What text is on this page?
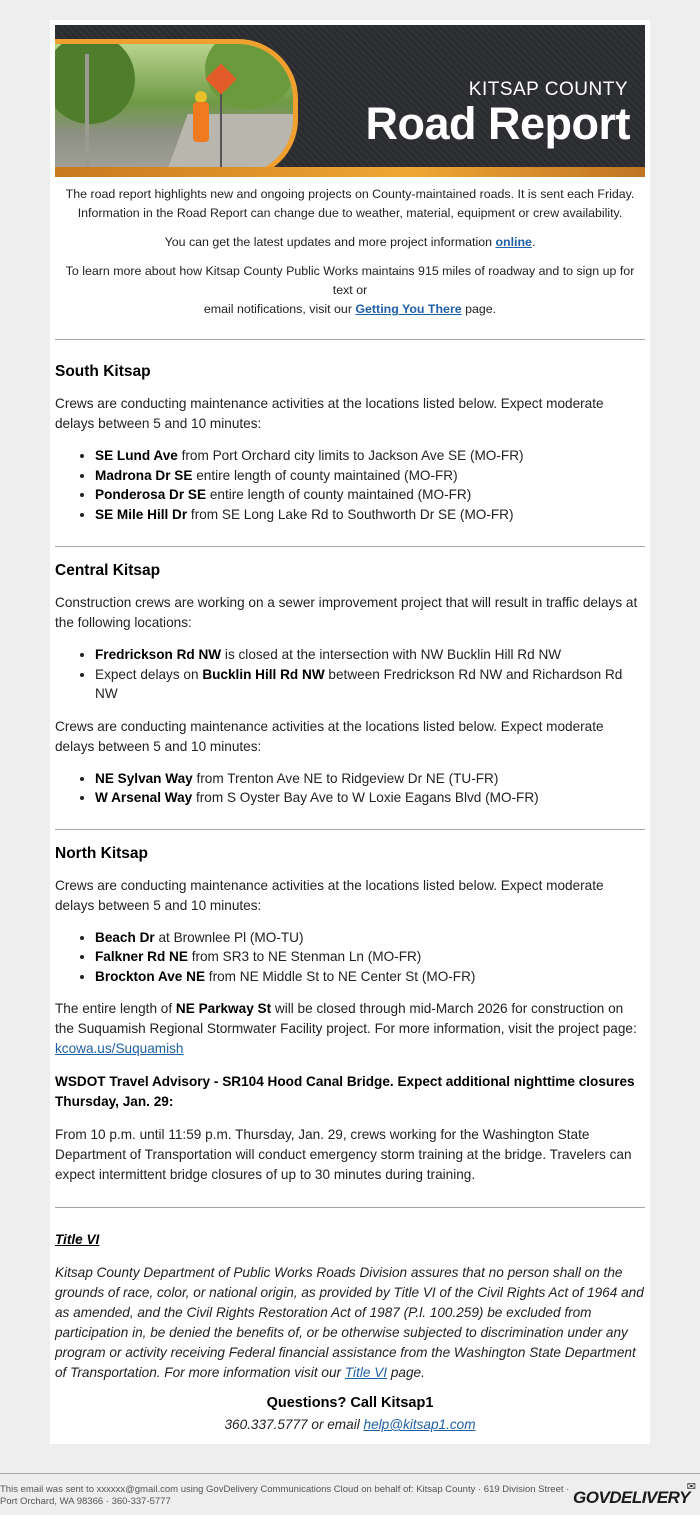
KITSAP COUNTY
Road Report

The road report highlights new and ongoing projects on County-maintained roads. It is sent each Friday.

Information in the Road Report can change due to weather, material, equipment or crew availability.

You can get the latest updates and more project information online.

To learn more about how Kitsap County Public Works maintains 915 miles of roadway and to sign up for text or
email notifications, visit our Getting You There page.

South Kitsap

Crews are conducting maintenance activities at the locations listed below. Expect moderate delays between 5 and 10 minutes:

• SE Lund Ave from Port Orchard city limits to Jackson Ave SE (MO-FR)
• Madrona Dr SE entire length of county maintained (MO-FR)
• Ponderosa Dr SE entire length of county maintained (MO-FR)
• SE Mile Hill Dr from SE Long Lake Rd to Southworth Dr SE (MO-FR)
Central Kitsap

Construction crews are working on a sewer improvement project that will result in traffic delays at the following locations:

• Fredrickson Rd NW is closed at the intersection with NW Bucklin Hill Rd NW
• Expect delays on Bucklin Hill Rd NW between Fredrickson Rd NW and Richardson Rd NW

Crews are conducting maintenance activities at the locations listed below. Expect moderate delays between 5 and 10 minutes:

• NE Sylvan Way from Trenton Ave NE to Ridgeview Dr NE (TU-FR)
• W Arsenal Way from S Oyster Bay Ave to W Loxie Eagans Blvd (MO-FR)
North Kitsap

Crews are conducting maintenance activities at the locations listed below. Expect moderate delays between 5 and 10 minutes:

• Beach Dr at Brownlee Pl (MO-TU)
• Falkner Rd NE from SR3 to NE Stenman Ln (MO-FR)
• Brockton Ave NE from NE Middle St to NE Center St (MO-FR)

The entire length of NE Parkway St will be closed through mid-March 2026 for construction on the Suquamish Regional Stormwater Facility project. For more information, visit the project page:
kcowa.us/Suquamish

WSDOT Travel Advisory - SR104 Hood Canal Bridge. Expect additional nighttime closures Thursday, Jan. 29:

From 10 p.m. until 11:59 p.m. Thursday, Jan. 29, crews working for the Washington State Department of Transportation will conduct emergency storm training at the bridge. Travelers can expect intermittent bridge closures of up to 30 minutes during training.

Title VI

Kitsap County Department of Public Works Roads Division assures that no person shall on the grounds of race, color, or national origin, as provided by Title VI of the Civil Rights Act of 1964 and as amended, and the Civil Rights Restoration Act of 1987 (P.l. 100.259) be excluded from participation in, be denied the benefits of, or be otherwise subjected to discrimination under any program or activity receiving Federal financial assistance from the Washington State Department of Transportation. For more information visit our Title VI page.

Questions? Call Kitsap1
360.337.5777 or email help@kitsap1.com
This email was sent to xxxxxx@gmail.com using GovDelivery Communications Cloud on behalf of: Kitsap County · 619 Division Street · Port Orchard, WA 98366 · 360-337-5777
✉
GOVDELIVERY
